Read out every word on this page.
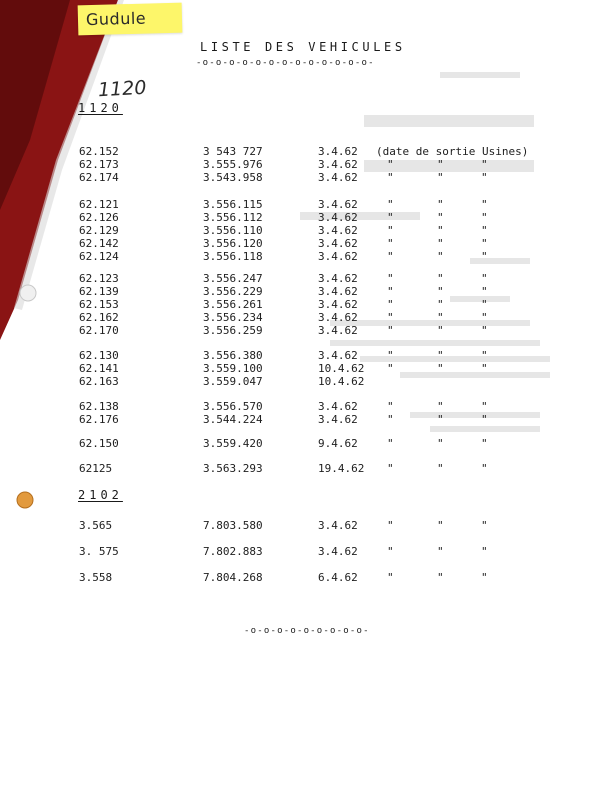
Gudule
LISTE DES VEHICULES
-o-o-o-o-o-o-o-o-o-o-o-o-o-
1120
1120
2102
62.152	3 543 727	3.4.62 (date de sortie Usines)
62.173	3.555.976	3.4.62	"	"	"
62.174	3.543.958	3.4.62	"	"	"
62.121	3.556.115	3.4.62	"	"	"
62.126	3.556.112	3.4.62	"	"	"
62.129	3.556.110	3.4.62	"	"	"
62.142	3.556.120	3.4.62	"	"	"
62.124	3.556.118	3.4.62	"	"	"
62.123	3.556.247	3.4.62	"	"	"
62.139	3.556.229	3.4.62	"	"	"
62.153	3.556.261	3.4.62	"	"	"
62.162	3.556.234	3.4.62	"	"	"
62.170	3.556.259	3.4.62	"	"	"
62.130	3.556.380	3.4.62	"	"	"
62.141	3.559.100	10.4.62 "	"	"
62.163	3.559.047	10.4.62
62.138	3.556.570	3.4.62	"	"	"
62.176	3.544.224	3.4.62	"	"	"
62.150	3.559.420	9.4.62	"	"	"
62125	3.563.293	19.4.62 "	"	"
3.565	7.803.580	3.4.62	"	"	"
3. 575	7.802.883	3.4.62	"	"	"
3.558	7.804.268	6.4.62	"	"	"
-o-o-o-o-o-o-o-o-o-
